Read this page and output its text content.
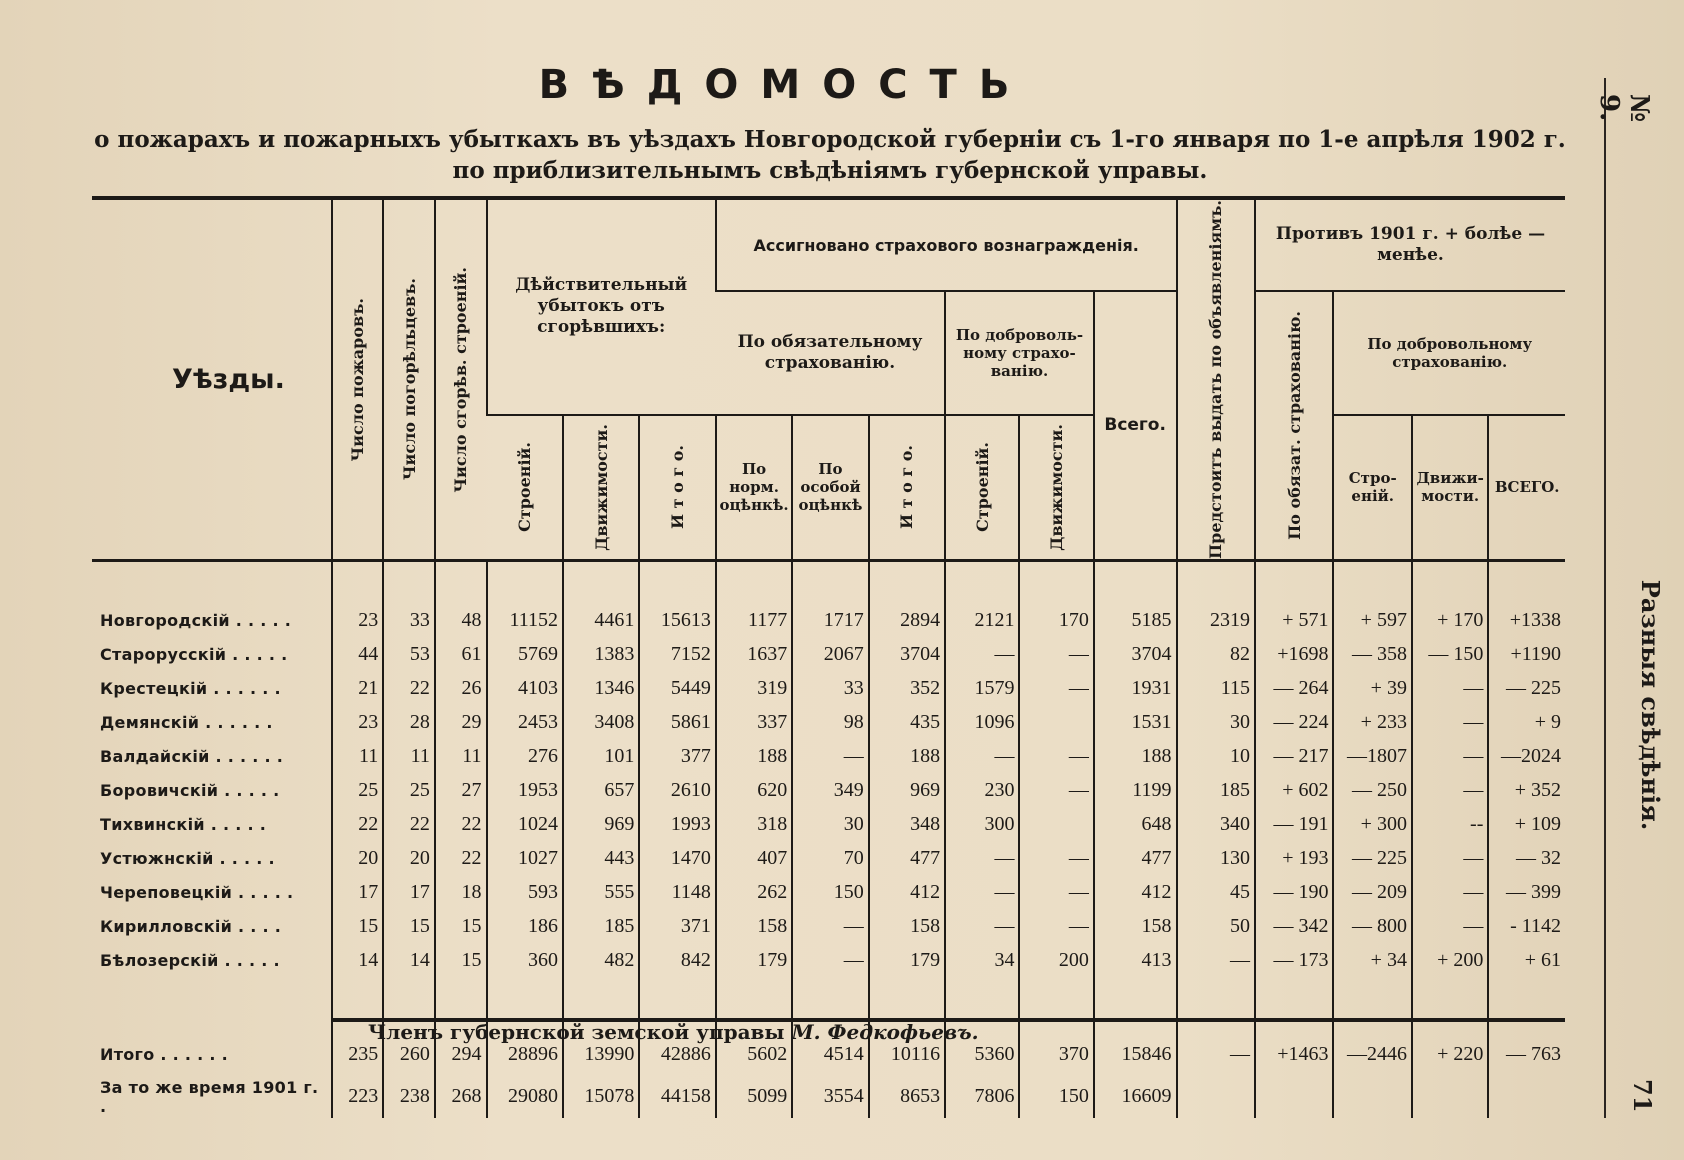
ВѢДОМОСТЬ
о пожарахъ и пожарныхъ убыткахъ въ уѣздахъ Новгородской губерніи съ 1-го января по 1-е апрѣля 1902 г.
по приблизительнымъ свѣдѣніямъ губернской управы.
№ 9.
Разныя свѣдѣнія.
71
Уѣзды.	Число пожаровъ.	Число погорѣльцевъ.	Число сгорѣв. строеній.	Дѣйствительный убытокъ отъ сгорѣвшихъ:			Ассигновано страхового вознагражденія.						Предстоитъ выдать по объявленіямъ.	Противъ 1901 г. + болѣе — менѣе.			
							По обязательному страхованію.			По доброволь- ному страхо- ванію.		Всего.		По обязат. страхованію.	По добровольному страхованію.		

				Строеній.	Движимости.	И т о г о.	По норм. оцѣнкѣ.	По особой оцѣнкѣ	И т о г о.	Строеній.	Движимости.				Стро- еній.	Движи- мости.	ВСЕГО.

Новгородскій . . . . .	23	33	48	11152	4461	15613	1177	1717	2894	2121	170	5185	2319	+ 571	+ 597	+ 170	+1338
Старорусскій . . . . .	44	53	61	5769	1383	7152	1637	2067	3704	—	—	3704	82	+1698	— 358	— 150	+1190
Крестецкій . . . . . .	21	22	26	4103	1346	5449	319	33	352	1579	—	1931	115	— 264	+ 39	—	— 225
Демянскій . . . . . .	23	28	29	2453	3408	5861	337	98	435	1096		1531	30	— 224	+ 233	—	+ 9
Валдайскій . . . . . .	11	11	11	276	101	377	188	—	188	—	—	188	10	— 217	—1807	—	—2024
Боровичскій . . . . .	25	25	27	1953	657	2610	620	349	969	230	—	1199	185	+ 602	— 250	—	+ 352
Тихвинскій . . . . .	22	22	22	1024	969	1993	318	30	348	300		648	340	— 191	+ 300	--	+ 109
Устюжнскій . . . . .	20	20	22	1027	443	1470	407	70	477	—	—	477	130	+ 193	— 225	—	— 32
Череповецкій . . . . .	17	17	18	593	555	1148	262	150	412	—	—	412	45	— 190	— 209	—	— 399
Кирилловскій . . . .	15	15	15	186	185	371	158	—	158	—	—	158	50	— 342	— 800	—	- 1142
Бѣлозерскій . . . . .	14	14	15	360	482	842	179	—	179	34	200	413	—	— 173	+ 34	+ 200	+ 61

Итого . . . . . .	235	260	294	28896	13990	42886	5602	4514	10116	5360	370	15846	—	+1463	—2446	+ 220	— 763
За то же время 1901 г. .	223	238	268	29080	15078	44158	5099	3554	8653	7806	150	16609					
Членъ губернской земской управы М. Федкофьевъ.
